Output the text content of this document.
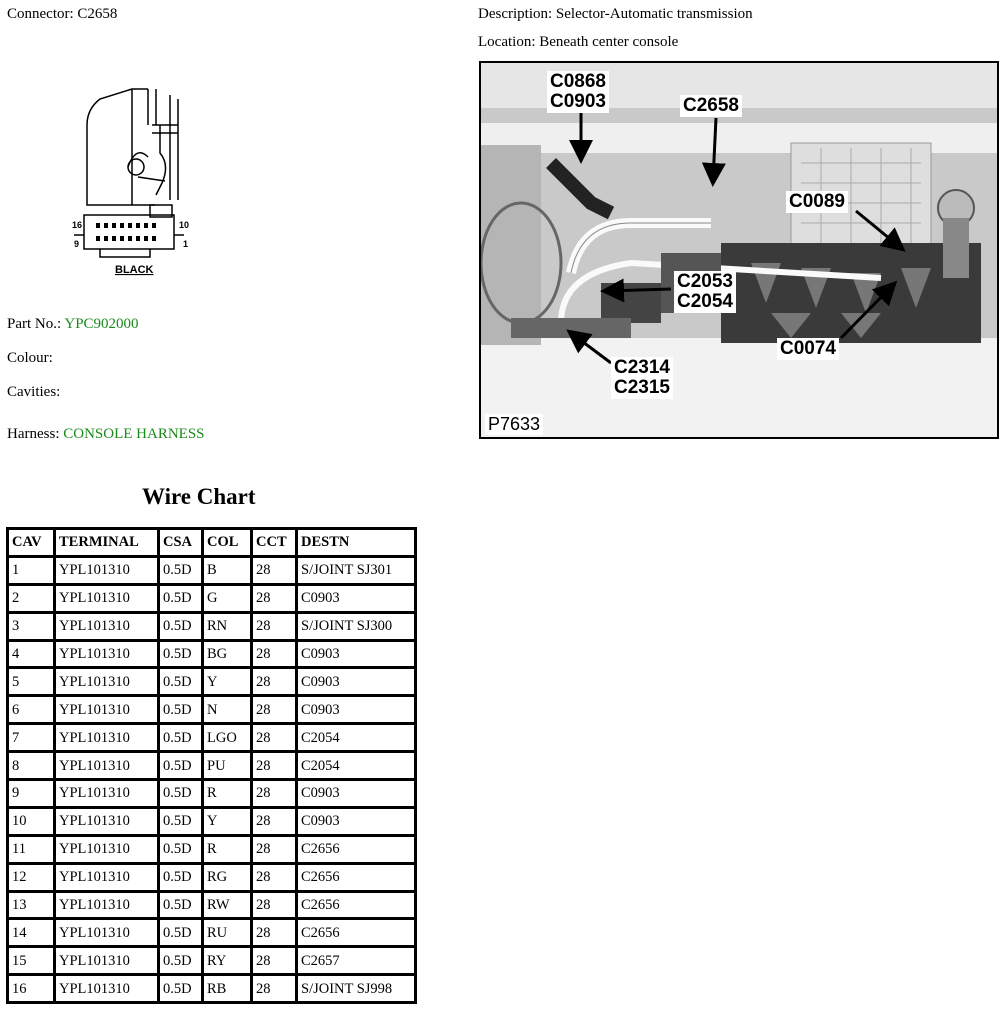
Connector: C2658
16	10
9	1
BLACK
Part No.: YPC902000
Colour:
Cavities:
Harness: CONSOLE HARNESS
Description: Selector-Automatic transmission
Location: Beneath center console
C0868
C0903	C2658
C0089
C2053
C2054
C0074
C2314
C2315
P7633
Wire Chart
CAV	TERMINAL	CSA	COL	CCT	DESTN
1	YPL101310	0.5D	B	28	S/JOINT SJ301
2	YPL101310	0.5D	G	28	C0903
3	YPL101310	0.5D	RN	28	S/JOINT SJ300
4	YPL101310	0.5D	BG	28	C0903
5	YPL101310	0.5D	Y	28	C0903
6	YPL101310	0.5D	N	28	C0903
7	YPL101310	0.5D	LGO	28	C2054
8	YPL101310	0.5D	PU	28	C2054
9	YPL101310	0.5D	R	28	C0903
10	YPL101310	0.5D	Y	28	C0903
11	YPL101310	0.5D	R	28	C2656
12	YPL101310	0.5D	RG	28	C2656
13	YPL101310	0.5D	RW	28	C2656
14	YPL101310	0.5D	RU	28	C2656
15	YPL101310	0.5D	RY	28	C2657
16	YPL101310	0.5D	RB	28	S/JOINT SJ998
